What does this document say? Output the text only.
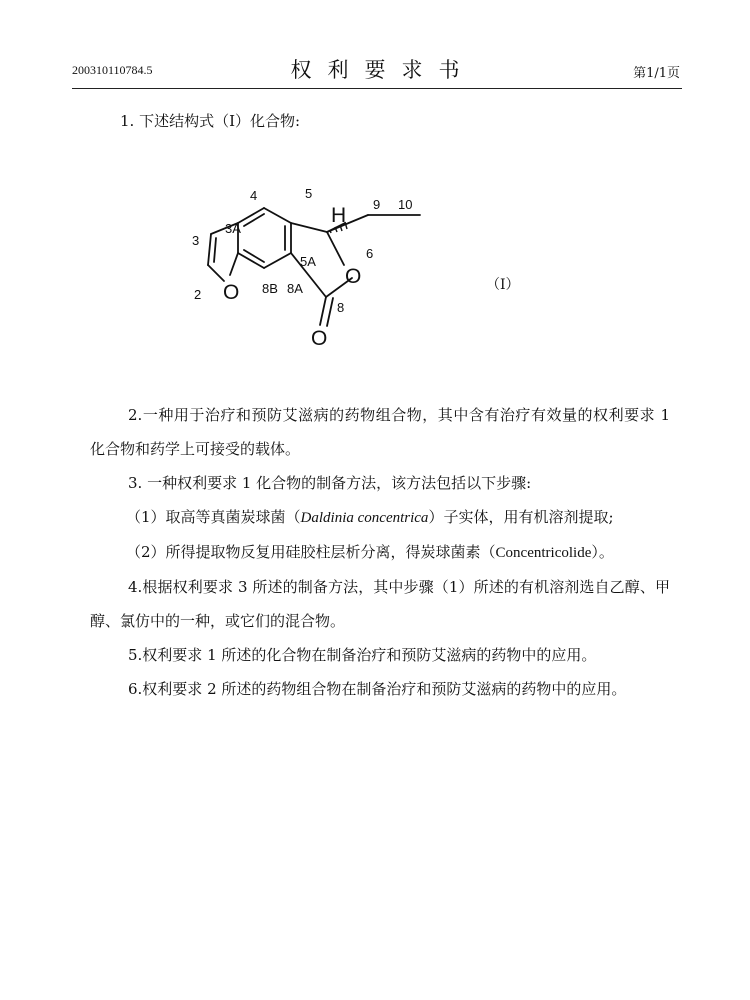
200310110784.5	权利要求书	第1/1页
1. 下述结构式（I）化合物:
4	5
3A
3
5A
6
2	8B 8A
8
9 10
H
O
O
O
（I）

2.一种用于治疗和预防艾滋病的药物组合物，其中含有治疗有效量的权利要求 1 化合物和药学上可接受的载体。

3. 一种权利要求 1 化合物的制备方法，该方法包括以下步骤:

（1）取高等真菌炭球菌（Daldinia concentrica）子实体，用有机溶剂提取;

（2）所得提取物反复用硅胶柱层析分离，得炭球菌素（Concentricolide）。

4.根据权利要求 3 所述的制备方法，其中步骤（1）所述的有机溶剂选自乙醇、甲醇、氯仿中的一种，或它们的混合物。

5.权利要求 1 所述的化合物在制备治疗和预防艾滋病的药物中的应用。

6.权利要求 2 所述的药物组合物在制备治疗和预防艾滋病的药物中的应用。
